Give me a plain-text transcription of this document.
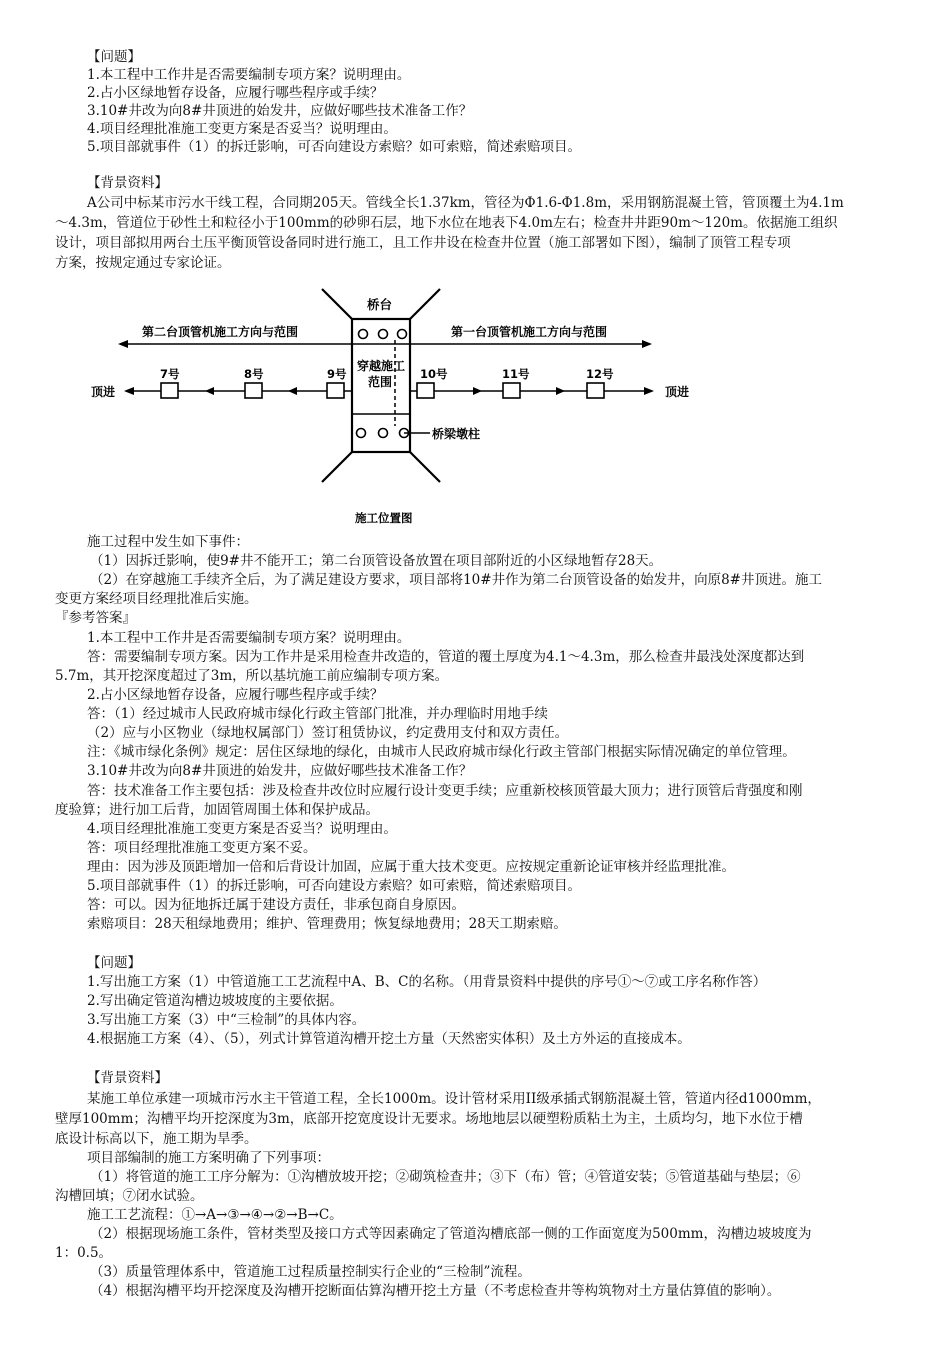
【问题】
1.本工程中工作井是否需要编制专项方案？说明理由。
2.占小区绿地暂存设备，应履行哪些程序或手续？
3.10#井改为向8#井顶进的始发井，应做好哪些技术准备工作？
4.项目经理批准施工变更方案是否妥当？说明理由。
5.项目部就事件（1）的拆迁影响，可否向建设方索赔？如可索赔，简述索赔项目。
【背景资料】
A公司中标某市污水干线工程，合同期205天。管线全长1.37km，管径为Φ1.6-Φ1.8m，采用钢筋混凝土管，管顶覆土为4.1m
～4.3m，管道位于砂性土和粒径小于100mm的砂卵石层，地下水位在地表下4.0m左右；检查井井距90m～120m。依据施工组织
设计，项目部拟用两台土压平衡顶管设备同时进行施工，且工作井设在检查井位置（施工部署如下图），编制了顶管工程专项
方案，按规定通过专家论证。
桥台
第二台顶管机施工方向与范围	第一台顶管机施工方向与范围
穿越施工
范围
桥梁墩柱
顶进	顶进
7号	8号	9号	10号	11号	12号
施工位置图
施工过程中发生如下事件：
（1）因拆迁影响，使9#井不能开工；第二台顶管设备放置在项目部附近的小区绿地暂存28天。
（2）在穿越施工手续齐全后，为了满足建设方要求，项目部将10#井作为第二台顶管设备的始发井，向原8#井顶进。施工
变更方案经项目经理批准后实施。
『参考答案』
1.本工程中工作井是否需要编制专项方案？说明理由。
答：需要编制专项方案。因为工作井是采用检查井改造的，管道的覆土厚度为4.1～4.3m，那么检查井最浅处深度都达到
5.7m，其开挖深度超过了3m，所以基坑施工前应编制专项方案。
2.占小区绿地暂存设备，应履行哪些程序或手续？
答：（1）经过城市人民政府城市绿化行政主管部门批准，并办理临时用地手续
（2）应与小区物业（绿地权属部门）签订租赁协议，约定费用支付和双方责任。
注：《城市绿化条例》规定：居住区绿地的绿化，由城市人民政府城市绿化行政主管部门根据实际情况确定的单位管理。
3.10#井改为向8#井顶进的始发井，应做好哪些技术准备工作？
答：技术准备工作主要包括：涉及检查井改位时应履行设计变更手续；应重新校核顶管最大顶力；进行顶管后背强度和刚
度验算；进行加工后背，加固管周围土体和保护成品。
4.项目经理批准施工变更方案是否妥当？说明理由。
答：项目经理批准施工变更方案不妥。
理由：因为涉及顶距增加一倍和后背设计加固，应属于重大技术变更。应按规定重新论证审核并经监理批准。
5.项目部就事件（1）的拆迁影响，可否向建设方索赔？如可索赔，简述索赔项目。
答：可以。因为征地拆迁属于建设方责任，非承包商自身原因。
索赔项目：28天租绿地费用；维护、管理费用；恢复绿地费用；28天工期索赔。
【问题】
1.写出施工方案（1）中管道施工工艺流程中A、B、C的名称。（用背景资料中提供的序号①～⑦或工序名称作答）
2.写出确定管道沟槽边坡坡度的主要依据。
3.写出施工方案（3）中“三检制”的具体内容。
4.根据施工方案（4）、（5），列式计算管道沟槽开挖土方量（天然密实体积）及土方外运的直接成本。
【背景资料】
某施工单位承建一项城市污水主干管道工程，全长1000m。设计管材采用II级承插式钢筋混凝土管，管道内径d1000mm，
壁厚100mm；沟槽平均开挖深度为3m，底部开挖宽度设计无要求。场地地层以硬塑粉质粘土为主，土质均匀，地下水位于槽
底设计标高以下，施工期为旱季。
项目部编制的施工方案明确了下列事项：
（1）将管道的施工工序分解为：①沟槽放坡开挖；②砌筑检查井；③下（布）管；④管道安装；⑤管道基础与垫层；⑥
沟槽回填；⑦闭水试验。
施工工艺流程：①→A→③→④→②→B→C。
（2）根据现场施工条件，管材类型及接口方式等因素确定了管道沟槽底部一侧的工作面宽度为500mm，沟槽边坡坡度为
1：0.5。
（3）质量管理体系中，管道施工过程质量控制实行企业的“三检制”流程。
（4）根据沟槽平均开挖深度及沟槽开挖断面估算沟槽开挖土方量（不考虑检查井等构筑物对土方量估算值的影响）。
